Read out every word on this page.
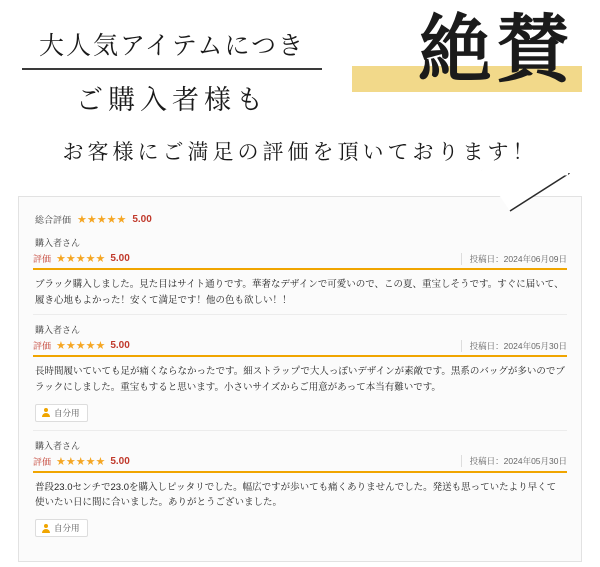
大人気アイテムにつき
ご購入者様も
絶賛
お客様にご満足の評価を頂いております！
総合評価 ★★★★★ 5.00
購入者さん
評価 ★★★★★ 5.00	投稿日：2024年06月09日
ブラック購入しました。見た目はサイト通りです。華奢なデザインで可愛いので、この夏、重宝しそうです。すぐに届いて、履き心地もよかった！安くて満足です！他の色も欲しい！！
購入者さん
評価 ★★★★★ 5.00	投稿日：2024年05月30日
長時間履いていても足が痛くならなかったです。細ストラップで大人っぽいデザインが素敵です。黒系のバッグが多いのでブラックにしました。重宝もすると思います。小さいサイズからご用意があって本当有難いです。
自分用
購入者さん
評価 ★★★★★ 5.00	投稿日：2024年05月30日
普段23.0センチで23.0を購入しピッタリでした。幅広ですが歩いても痛くありませんでした。発送も思っていたより早くて使いたい日に間に合いました。ありがとうございました。
自分用
